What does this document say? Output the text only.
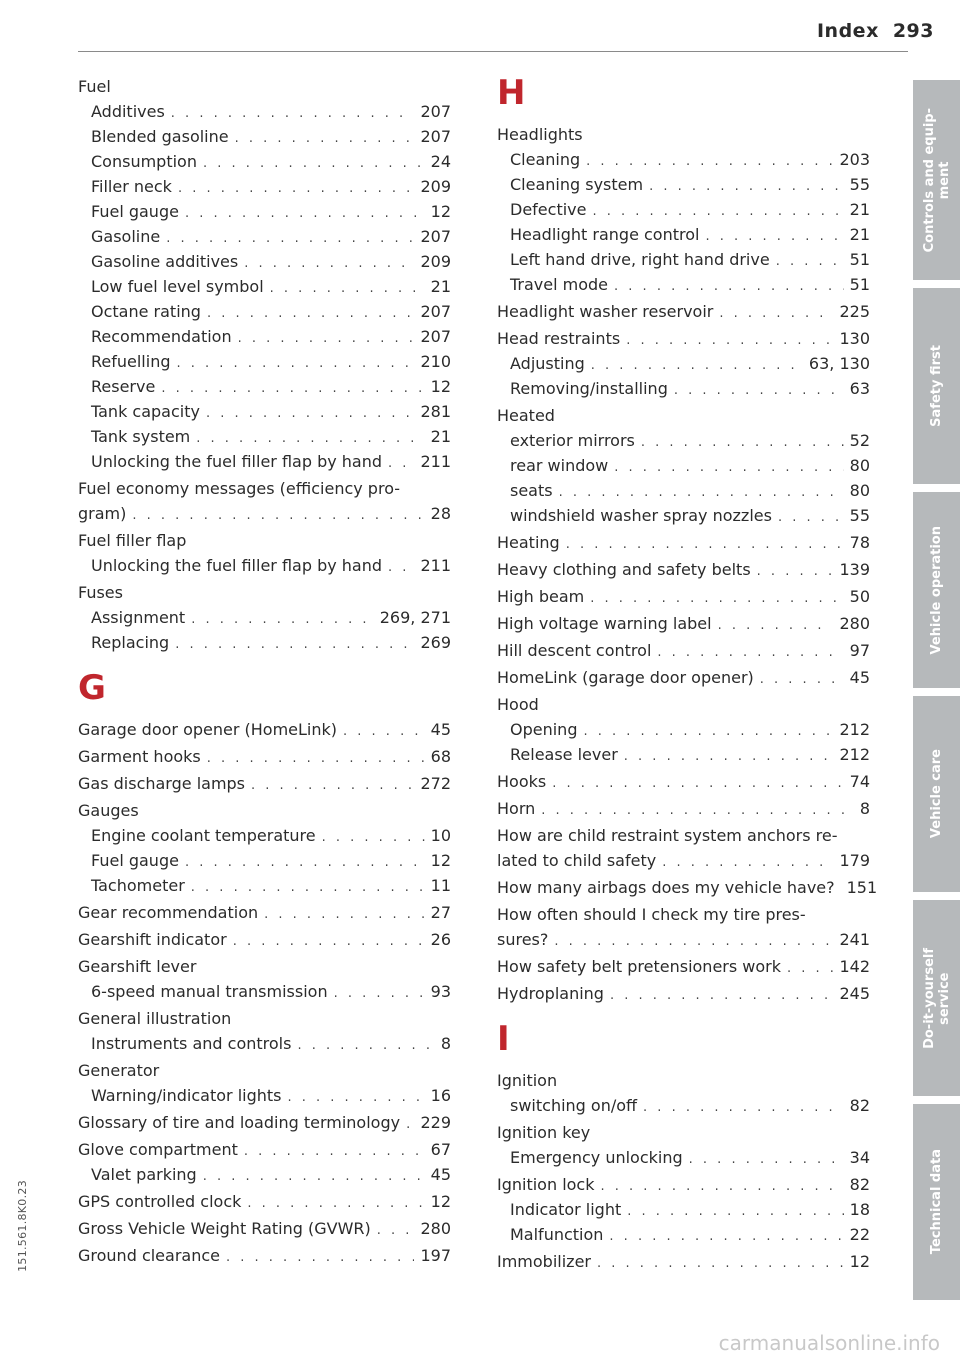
Index 293
Fuel
Additives . . .	207
Blended gasoline . . .	207
Consumption . . .	24
Filler neck . . .	209
Fuel gauge . . .	12
Gasoline . . .	207
Gasoline additives . . .	209
Low fuel level symbol . . .	21
Octane rating . . .	207
Recommendation . . .	207
Refuelling . . .	210
Reserve . . .	12
Tank capacity . . .	281
Tank system . . .	21
Unlocking the fuel filler flap by hand . . . 211
Fuel economy messages (efficiency pro-
gram) . . .	28
Fuel filler flap
Unlocking the fuel filler flap by hand . . . 211
Fuses
Assignment . . .	269, 271
Replacing . . .	269
G
Garage door opener (HomeLink) . . .	45
Garment hooks . . .	68
Gas discharge lamps . . .	272
Gauges
Engine coolant temperature . . .	10
Fuel gauge . . .	12
Tachometer . . .	11
Gear recommendation . . .	27
Gearshift indicator . . .	26
Gearshift lever
6-speed manual transmission . . .	93
General illustration
Instruments and controls . . .	8
Generator
Warning/indicator lights . . .	16
Glossary of tire and loading terminology . . . 229
Glove compartment . . .	67
Valet parking . . .	45
GPS controlled clock . . .	12
Gross Vehicle Weight Rating (GVWR) . . .	280
Ground clearance . . .	197
H
Headlights
Cleaning . . .	203
Cleaning system . . .	55
Defective . . .	21
Headlight range control . . .	21
Left hand drive, right hand drive . . .	51
Travel mode . . .	51
Headlight washer reservoir . . .	225
Head restraints . . .	130
Adjusting . . .	63, 130
Removing/installing . . .	63
Heated
exterior mirrors . . .	52
rear window . . .	80
seats . . .	80
windshield washer spray nozzles . . .	55
Heating . . .	78
Heavy clothing and safety belts . . .	139
High beam . . .	50
High voltage warning label . . .	280
Hill descent control . . .	97
HomeLink (garage door opener) . . .	45
Hood
Opening . . .	212
Release lever . . .	212
Hooks . . .	74
Horn . . .	8
How are child restraint system anchors re-
lated to child safety . . .	179
How many airbags does my vehicle have? 151
How often should I check my tire pres-
sures? . . .	241
How safety belt pretensioners work . . .	142
Hydroplaning . . .	245
I
Ignition
switching on/off . . .	82
Ignition key
Emergency unlocking . . .	34
Ignition lock . . .	82
Indicator light . . .	18
Malfunction . . .	22
Immobilizer . . .	12
Controls and equip-
ment
Safety first
Vehicle operation
Vehicle care
Do-it-yourself
service
Technical data
151.561.8K0.23
carmanualsonline.info
